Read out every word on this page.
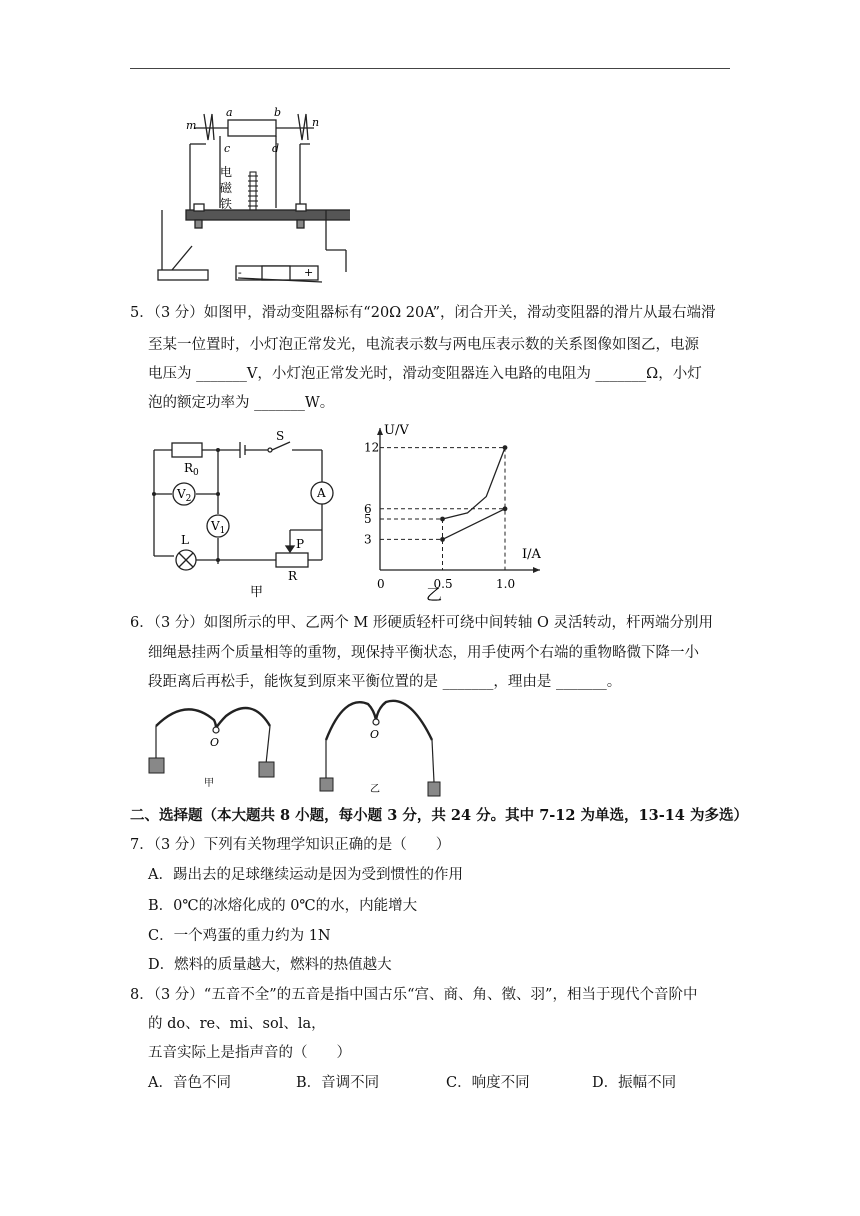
m	n
a	b
c	d
电
磁
铁
-	+
5．（3 分）如图甲，滑动变阻器标有“20Ω 20A”，闭合开关，滑动变阻器的滑片从最右端滑
至某一位置时，小灯泡正常发光，电流表示数与两电压表示数的关系图像如图乙，电源
电压为 _______V，小灯泡正常发光时，滑动变阻器连入电路的电阻为 _______Ω，小灯
泡的额定功率为 _______W。
$R_0$
S
$V_2$
$V_1$
A
L	P
R
甲
U/V
I/A
0	0.5	1.0
3
5
6
12
乙
6．（3 分）如图所示的甲、乙两个 M 形硬质轻杆可绕中间转轴 O 灵活转动，杆两端分别用
细绳悬挂两个质量相等的重物，现保持平衡状态，用手使两个右端的重物略微下降一小
段距离后再松手，能恢复到原来平衡位置的是 _______，理由是 _______。
O
O
甲
乙
二、选择题（本大题共 8 小题，每小题 3 分，共 24 分。其中 7-12 为单选，13-14 为多选）
7．（3 分）下列有关物理学知识正确的是（　　）
A．踢出去的足球继续运动是因为受到惯性的作用
B．0℃的冰熔化成的 0℃的水，内能增大
C．一个鸡蛋的重力约为 1N
D．燃料的质量越大，燃料的热值越大
8．（3 分）“五音不全”的五音是指中国古乐“宫、商、角、徵、羽”，相当于现代个音阶中
的 do、re、mi、sol、la，
五音实际上是指声音的（　　）
A．音色不同	B．音调不同	C．响度不同	D．振幅不同
